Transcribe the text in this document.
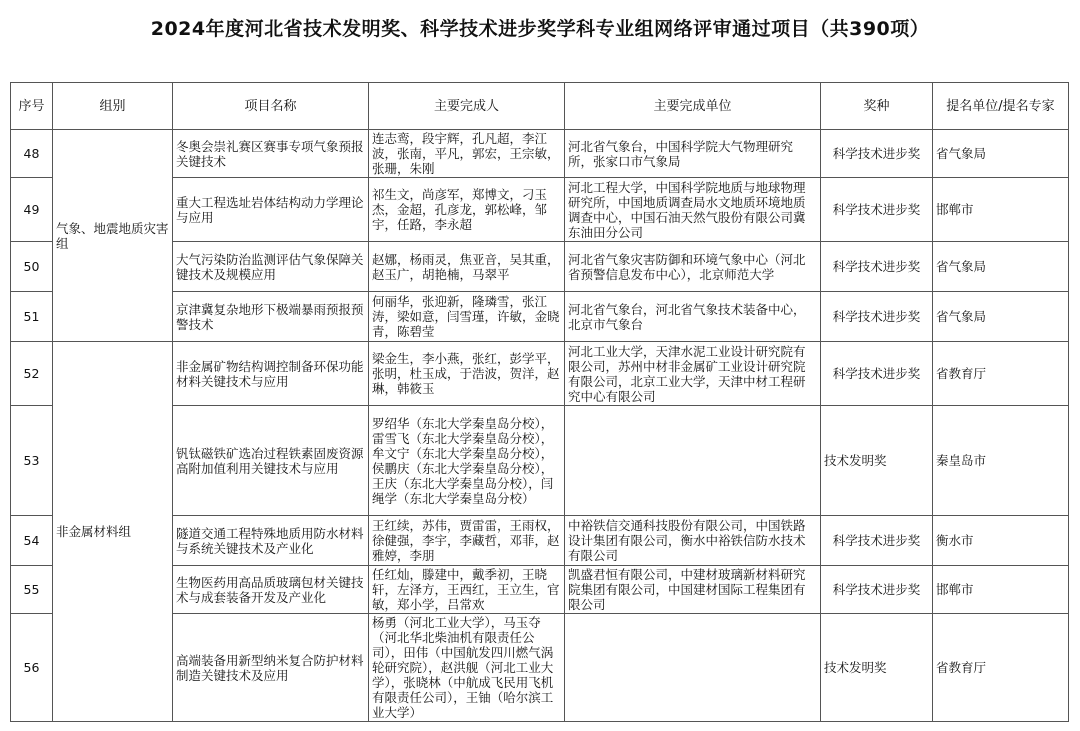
2024年度河北省技术发明奖、科学技术进步奖学科专业组网络评审通过项目（共390项）
序号	组别	项目名称	主要完成人	主要完成单位	奖种	提名单位/提名专家
48	气象、地震地质灾害组	冬奥会崇礼赛区赛事专项气象预报关键技术	连志鸾，段宇辉，孔凡超，李江波，张南，平凡，郭宏，王宗敏，张珊，朱刚	河北省气象台，中国科学院大气物理研究所，张家口市气象局	科学技术进步奖	省气象局
49		重大工程选址岩体结构动力学理论与应用	祁生文，尚彦军，郑博文，刁玉杰，金超，孔彦龙，郭松峰，邹宇，任路，李永超	河北工程大学，中国科学院地质与地球物理研究所，中国地质调查局水文地质环境地质调查中心，中国石油天然气股份有限公司冀东油田分公司	科学技术进步奖	邯郸市
50		大气污染防治监测评估气象保障关键技术及规模应用	赵娜，杨雨灵，焦亚音，吴其重，赵玉广，胡艳楠，马翠平	河北省气象灾害防御和环境气象中心（河北省预警信息发布中心），北京师范大学	科学技术进步奖	省气象局
51		京津冀复杂地形下极端暴雨预报预警技术	何丽华，张迎新，隆璘雪，张江涛，梁如意，闫雪瑾，许敏，金晓青，陈碧莹	河北省气象台，河北省气象技术装备中心，北京市气象台	科学技术进步奖	省气象局
52	非金属材料组	非金属矿物结构调控制备环保功能材料关键技术与应用	梁金生，李小燕，张红，彭学平，张明，杜玉成，于浩波，贺洋，赵琳，韩筱玉	河北工业大学，天津水泥工业设计研究院有限公司，苏州中材非金属矿工业设计研究院有限公司，北京工业大学，天津中材工程研究中心有限公司	科学技术进步奖	省教育厅
53		钒钛磁铁矿选冶过程铁素固废资源高附加值利用关键技术与应用	罗绍华（东北大学秦皇岛分校），雷雪飞（东北大学秦皇岛分校），牟文宁（东北大学秦皇岛分校），侯鹏庆（东北大学秦皇岛分校），王庆（东北大学秦皇岛分校），闫绳学（东北大学秦皇岛分校）		技术发明奖	秦皇岛市
54		隧道交通工程特殊地质用防水材料与系统关键技术及产业化	王红续，苏伟，贾雷雷，王雨权，徐健强，李宇，李藏哲，邓菲，赵雅婷，李朋	中裕铁信交通科技股份有限公司，中国铁路设计集团有限公司，衡水中裕铁信防水技术有限公司	科学技术进步奖	衡水市
55		生物医药用高品质玻璃包材关键技术与成套装备开发及产业化	任红灿，滕建中，戴季初，王晓轩，左泽方，王西红，王立生，官敏，郑小学，吕常欢	凯盛君恒有限公司，中建材玻璃新材料研究院集团有限公司，中国建材国际工程集团有限公司	科学技术进步奖	邯郸市
56		高端装备用新型纳米复合防护材料制造关键技术及应用	杨勇（河北工业大学），马玉夺（河北华北柴油机有限责任公司），田伟（中国航发四川燃气涡轮研究院），赵洪舰（河北工业大学），张晓林（中航成飞民用飞机有限责任公司），王铀（哈尔滨工业大学）		技术发明奖	省教育厅
